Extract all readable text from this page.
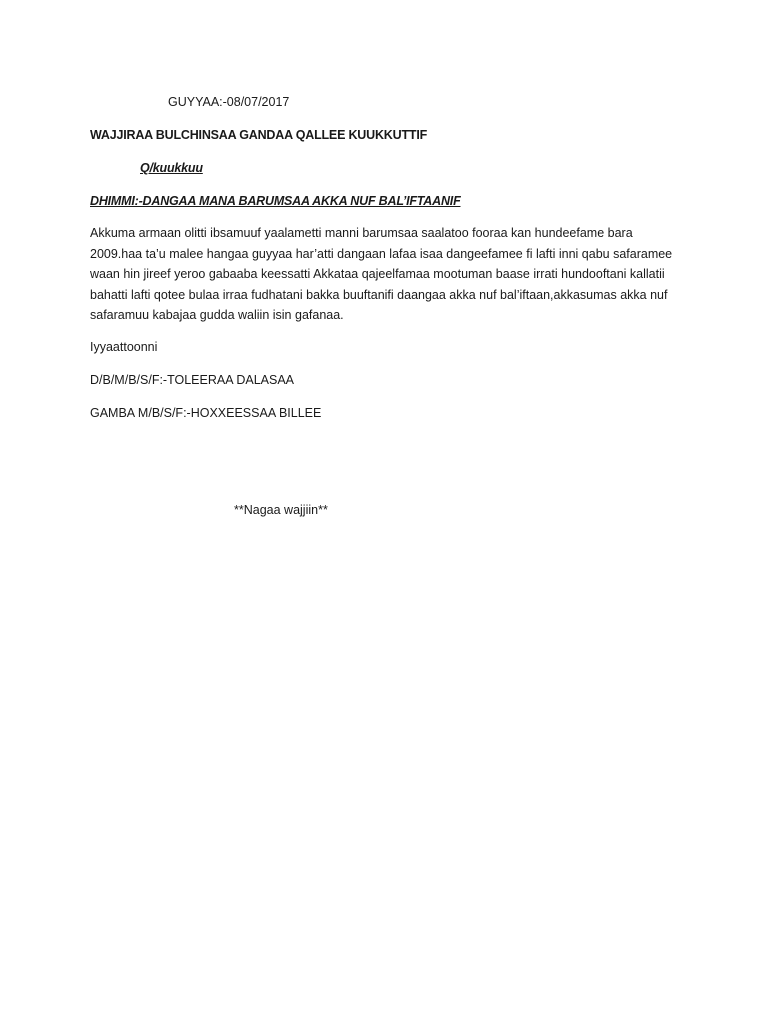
GUYYAA:-08/07/2017
WAJJIRAA BULCHINSAA GANDAA QALLEE KUUKKUTTIF
Q/kuukkuu
DHIMMI:-DANGAA MANA BARUMSAA AKKA NUF BAL’IFTAANIF
Akkuma armaan olitti ibsamuuf yaalametti manni barumsaa saalatoo fooraa kan hundeefame bara
2009.haa ta’u malee hangaa guyyaa har’atti dangaan lafaa isaa dangeefamee fi lafti inni qabu safaramee
waan hin jireef yeroo gabaaba keessatti Akkataa qajeelfamaa mootuman baase irrati hundooftani kallatii
bahatti lafti qotee bulaa irraa fudhatani bakka buuftanifi daangaa akka nuf bal’iftaan,akkasumas akka nuf
safaramuu kabajaa gudda waliin isin gafanaa.
Iyyaattoonni
D/B/M/B/S/F:-TOLEERAA DALASAA
GAMBA M/B/S/F:-HOXXEESSAA BILLEE
**Nagaa wajjiin**
